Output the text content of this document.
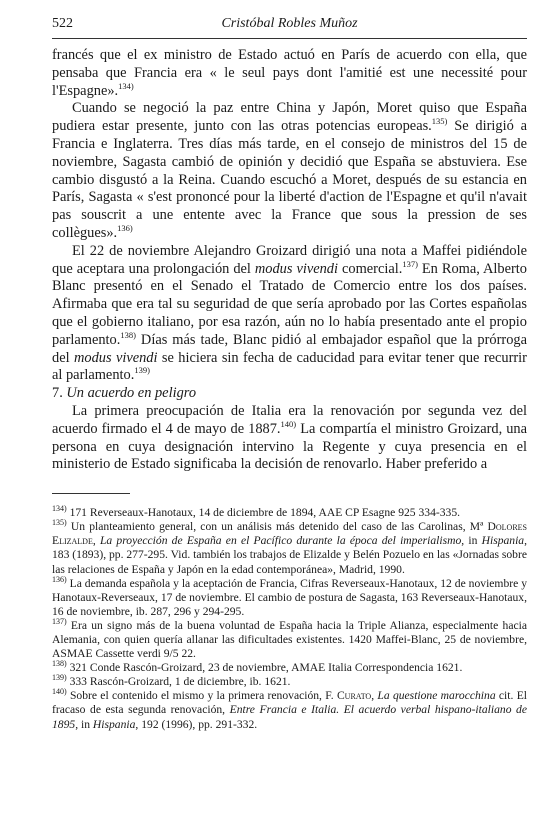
522	Cristóbal Robles Muñoz

francés que el ex ministro de Estado actuó en París de acuerdo con ella, que pensaba que Francia era « le seul pays dont l'amitié est une necessité pour l'Espagne».$^{134)}$

Cuando se negoció la paz entre China y Japón, Moret quiso que España pudiera estar presente, junto con las otras potencias europeas.$^{135)}$ Se dirigió a Francia e Inglaterra. Tres días más tarde, en el consejo de ministros del 15 de noviembre, Sagasta cambió de opinión y decidió que España se abstuviera. Ese cambio disgustó a la Reina. Cuando escuchó a Moret, después de su estancia en París, Sagasta « s'est prononcé pour la liberté d'action de l'Espagne et qu'il n'avait pas souscrit a une entente avec la France que sous la pression de ses collègues».$^{136)}$

El 22 de noviembre Alejandro Groizard dirigió una nota a Maffei pidiéndole que aceptara una prolongación del modus vivendi comercial.$^{137)}$ En Roma, Alberto Blanc presentó en el Senado el Tratado de Comercio entre los dos países. Afirmaba que era tal su seguridad de que sería aprobado por las Cortes españolas que el gobierno italiano, por esa razón, aún no lo había presentado ante el propio parlamento.$^{138)}$ Días más tade, Blanc pidió al embajador español que la prórroga del modus vivendi se hiciera sin fecha de caducidad para evitar tener que recurrir al parlamento.$^{139)}$

7. Un acuerdo en peligro

La primera preocupación de Italia era la renovación por segunda vez del acuerdo firmado el 4 de mayo de 1887.$^{140)}$ La compartía el ministro Groizard, una persona en cuya designación intervino la Regente y cuya presencia en el ministerio de Estado significaba la decisión de renovarlo. Haber preferido a

$^{134)}$ 171 Reverseaux-Hanotaux, 14 de diciembre de 1894, AAE CP Esagne 925 334-335.

$^{135)}$ Un planteamiento general, con un análisis más detenido del caso de las Carolinas, Mª Dolores Elizalde, La proyección de España en el Pacífico durante la época del imperialismo, in Hispania, 183 (1893), pp. 277-295. Vid. también los trabajos de Elizalde y Belén Pozuelo en las «Jornadas sobre las relaciones de España y Japón en la edad contemporánea», Madrid, 1990.

$^{136)}$ La demanda española y la aceptación de Francia, Cifras Reverseaux-Hanotaux, 12 de noviembre y Hanotaux-Reverseaux, 17 de noviembre. El cambio de postura de Sagasta, 163 Reverseaux-Hanotaux, 16 de noviembre, ib. 287, 296 y 294-295.

$^{137)}$ Era un signo más de la buena voluntad de España hacia la Triple Alianza, especialmente hacia Alemania, con quien quería allanar las dificultades existentes. 1420 Maffei-Blanc, 25 de noviembre, ASMAE Cassette verdi 9/5 22.

$^{138)}$ 321 Conde Rascón-Groizard, 23 de noviembre, AMAE Italia Correspondencia 1621.

$^{139)}$ 333 Rascón-Groizard, 1 de diciembre, ib. 1621.

$^{140)}$ Sobre el contenido el mismo y la primera renovación, F. Curato, La questione marocchina cit. El fracaso de esta segunda renovación, Entre Francia e Italia. El acuerdo verbal hispano-italiano de 1895, in Hispania, 192 (1996), pp. 291-332.
